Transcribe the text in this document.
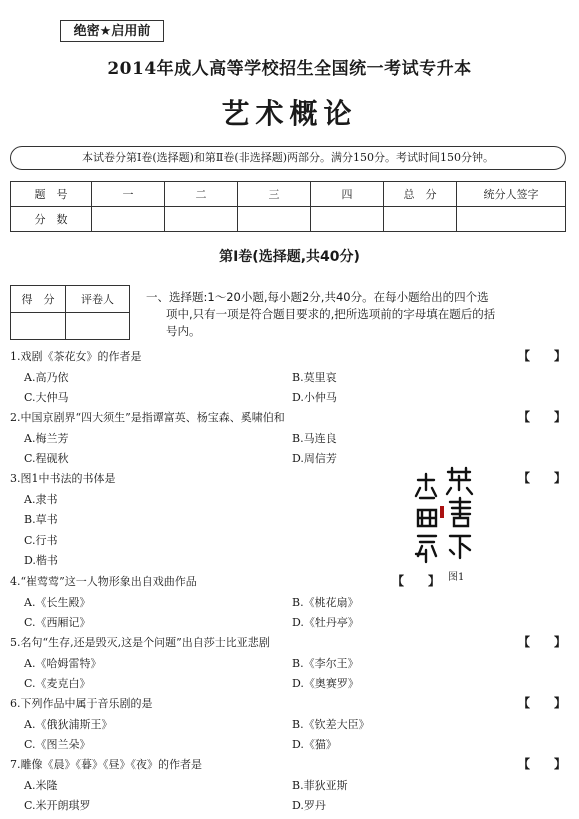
绝密★启用前
2014年成人高等学校招生全国统一考试专升本
艺术概论
本试卷分第Ⅰ卷(选择题)和第Ⅱ卷(非选择题)两部分。满分150分。考试时间150分钟。
题　号	一	二	三	四	总　分	统分人签字
分　数						
第Ⅰ卷(选择题,共40分)
得　分	评卷人
		一、选择题:1～20小题,每小题2分,共40分。在每小题给出的四个选
项中,只有一项是符合题目要求的,把所选项前的字母填在题后的括
号内。
1.戏剧《茶花女》的作者是	【　　】
A.高乃依	B.莫里哀
C.大仲马	D.小仲马
2.中国京剧界“四大须生”是指谭富英、杨宝森、奚啸伯和	【　　】
A.梅兰芳	B.马连良
C.程砚秋	D.周信芳
3.图1中书法的书体是	【　　】
A.隶书
B.草书
C.行书
D.楷书
图1
4.“崔莺莺”这一人物形象出自戏曲作品	【　　】
A.《长生殿》	B.《桃花扇》
C.《西厢记》	D.《牡丹亭》
5.名句“生存,还是毁灭,这是个问题”出自莎士比亚悲剧	【　　】
A.《哈姆雷特》	B.《李尔王》
C.《麦克白》	D.《奥赛罗》
6.下列作品中属于音乐剧的是	【　　】
A.《俄狄浦斯王》	B.《钦差大臣》
C.《图兰朵》	D.《猫》
7.雕像《晨》《暮》《昼》《夜》的作者是	【　　】
A.米隆	B.菲狄亚斯
C.米开朗琪罗	D.罗丹
